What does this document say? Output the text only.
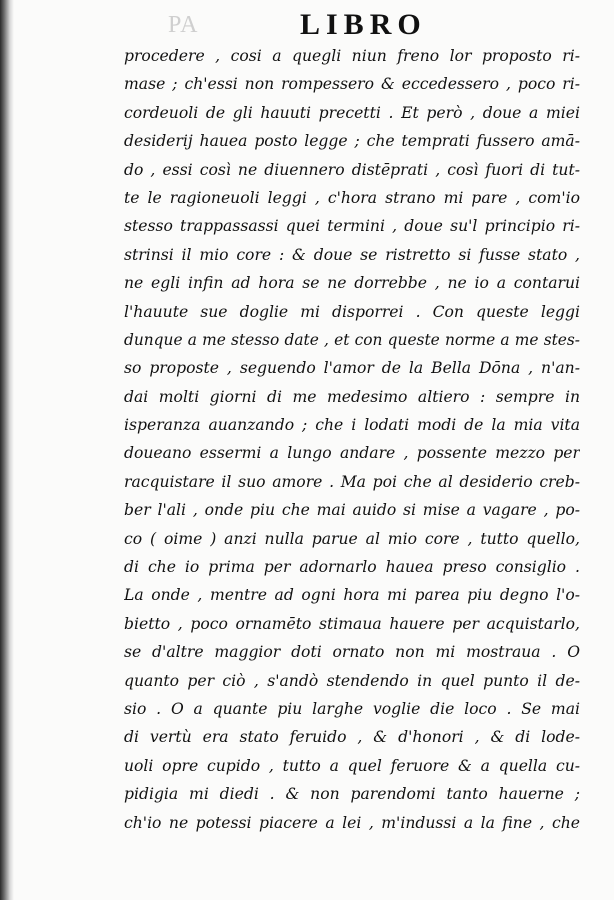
PA	LIBRO
procedere , cosi a quegli niun freno lor proposto ri-
mase ; ch'essi non rompessero & eccedessero , poco ri-
cordeuoli de gli hauuti precetti . Et però , doue a miei
desiderij hauea posto legge ; che temprati fussero amā-
do , essi così ne diuennero distēprati , così fuori di tut-
te le ragioneuoli leggi , c'hora strano mi pare , com'io
stesso trappassassi quei termini , doue su'l principio ri-
strinsi il mio core : & doue se ristretto si fusse stato ,
ne egli infin ad hora se ne dorrebbe , ne io a contarui
l'hauute sue doglie mi disporrei . Con queste leggi
dunque a me stesso date , et con queste norme a me stes-
so proposte , seguendo l'amor de la Bella Dōna , n'an-
dai molti giorni di me medesimo altiero : sempre in
isperanza auanzando ; che i lodati modi de la mia vita
doueano essermi a lungo andare , possente mezzo per
racquistare il suo amore . Ma poi che al desiderio creb-
ber l'ali , onde piu che mai auido si mise a vagare , po-
co ( oime ) anzi nulla parue al mio core , tutto quello,
di che io prima per adornarlo hauea preso consiglio .
La onde , mentre ad ogni hora mi parea piu degno l'o-
bietto , poco ornamēto stimaua hauere per acquistarlo,
se d'altre maggior doti ornato non mi mostraua . O
quanto per ciò , s'andò stendendo in quel punto il de-
sio . O a quante piu larghe voglie die loco . Se mai
di vertù era stato feruido , & d'honori , & di lode-
uoli opre cupido , tutto a quel feruore & a quella cu-
pidigia mi diedi . & non parendomi tanto hauerne ;
ch'io ne potessi piacere a lei , m'indussi a la fine , che
